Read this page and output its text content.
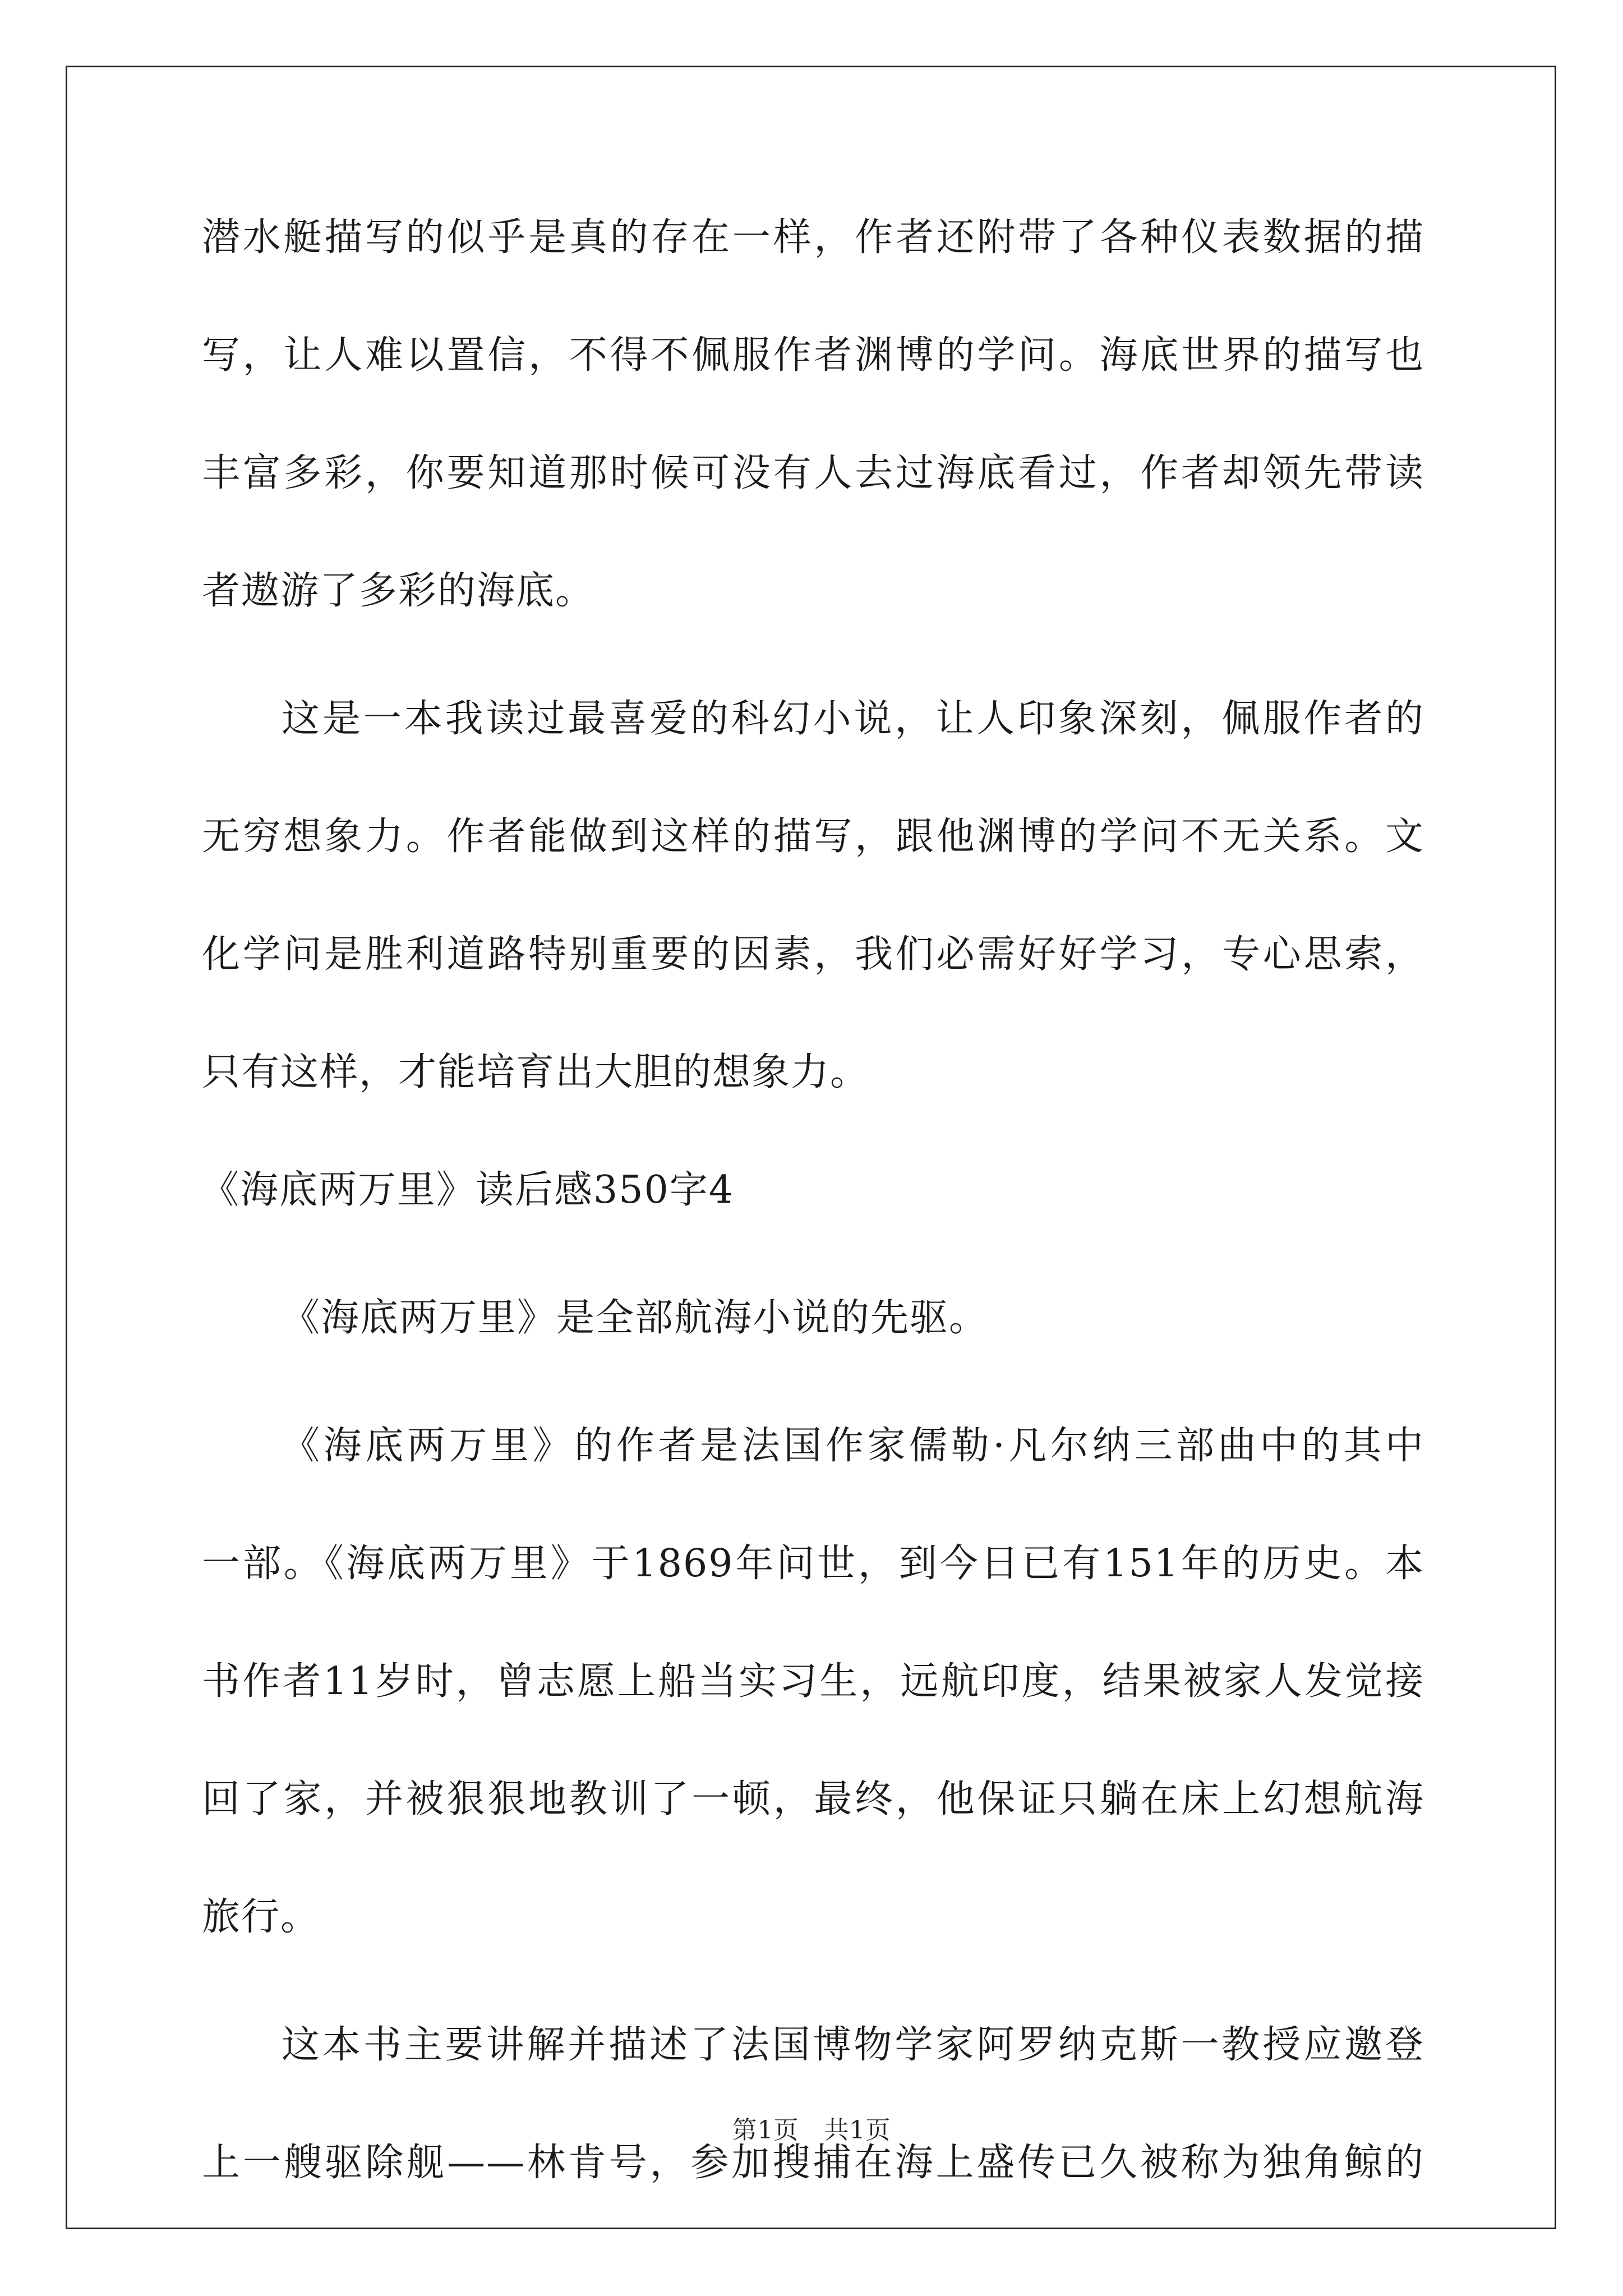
潜水艇描写的似乎是真的存在一样，作者还附带了各种仪表数据的描
写，让人难以置信，不得不佩服作者渊博的学问。海底世界的描写也
丰富多彩，你要知道那时候可没有人去过海底看过，作者却领先带读
者遨游了多彩的海底。
这是一本我读过最喜爱的科幻小说，让人印象深刻，佩服作者的
无穷想象力。作者能做到这样的描写，跟他渊博的学问不无关系。文
化学问是胜利道路特别重要的因素，我们必需好好学习，专心思索，
只有这样，才能培育出大胆的想象力。
《海底两万里》读后感350字4
《海底两万里》是全部航海小说的先驱。
《海底两万里》的作者是法国作家儒勒·凡尔纳三部曲中的其中
一部。《海底两万里》于1869年问世，到今日已有151年的历史。本
书作者11岁时，曾志愿上船当实习生，远航印度，结果被家人发觉接
回了家，并被狠狠地教训了一顿，最终，他保证只躺在床上幻想航海
旅行。
这本书主要讲解并描述了法国博物学家阿罗纳克斯一教授应邀登
上一艘驱除舰——林肯号，参加搜捕在海上盛传已久被称为独角鲸的
第1页　共1页
